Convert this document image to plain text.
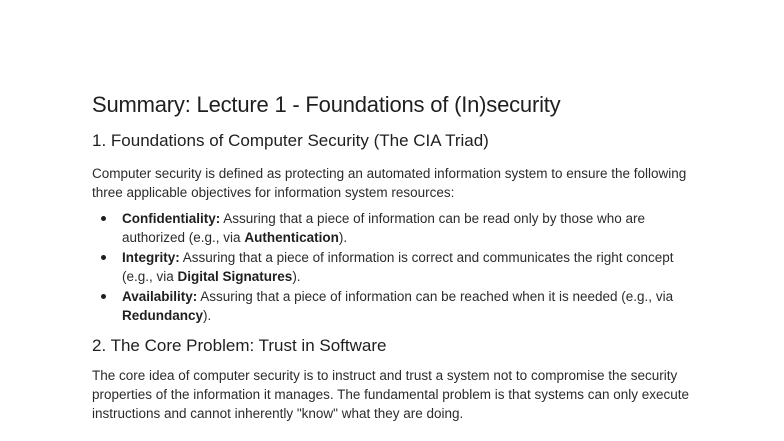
Summary: Lecture 1 - Foundations of (In)security
1. Foundations of Computer Security (The CIA Triad)

Computer security is defined as protecting an automated information system to ensure the following three applicable objectives for information system resources:

Confidentiality: Assuring that a piece of information can be read only by those who are authorized (e.g., via Authentication).
Integrity: Assuring that a piece of information is correct and communicates the right concept (e.g., via Digital Signatures).
Availability: Assuring that a piece of information can be reached when it is needed (e.g., via Redundancy).
2. The Core Problem: Trust in Software

The core idea of computer security is to instruct and trust a system not to compromise the security properties of the information it manages. The fundamental problem is that systems can only execute instructions and cannot inherently "know" what they are doing.
